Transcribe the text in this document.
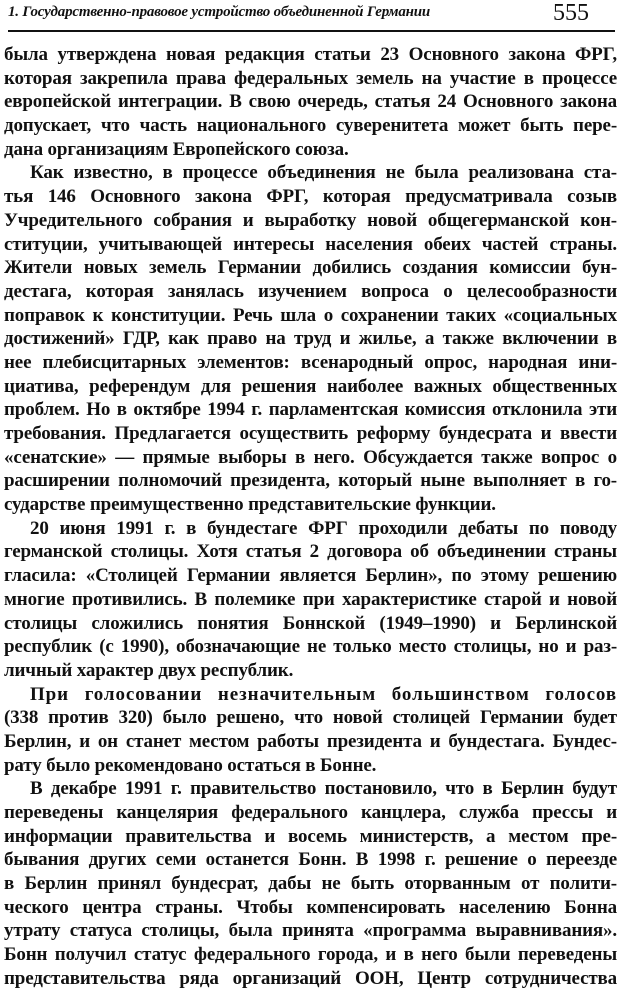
1. Государственно-правовое устройство объединенной Германии	555
была утверждена новая редакция статьи 23 Основного закона ФРГ,
которая закрепила права федеральных земель на участие в процессе
европейской интеграции. В свою очередь, статья 24 Основного закона
допускает, что часть национального суверенитета может быть пере-
дана организациям Европейского союза.
Как известно, в процессе объединения не была реализована ста-
тья 146 Основного закона ФРГ, которая предусматривала созыв
Учредительного собрания и выработку новой общегерманской кон-
ституции, учитывающей интересы населения обеих частей страны.
Жители новых земель Германии добились создания комиссии бун-
дестага, которая занялась изучением вопроса о целесообразности
поправок к конституции. Речь шла о сохранении таких «социальных
достижений» ГДР, как право на труд и жилье, а также включении в
нее плебисцитарных элементов: всенародный опрос, народная ини-
циатива, референдум для решения наиболее важных общественных
проблем. Но в октябре 1994 г. парламентская комиссия отклонила эти
требования. Предлагается осуществить реформу бундесрата и ввести
«сенатские» — прямые выборы в него. Обсуждается также вопрос о
расширении полномочий президента, который ныне выполняет в го-
сударстве преимущественно представительские функции.
20 июня 1991 г. в бундестаге ФРГ проходили дебаты по поводу
германской столицы. Хотя статья 2 договора об объединении страны
гласила: «Столицей Германии является Берлин», по этому решению
многие противились. В полемике при характеристике старой и новой
столицы сложились понятия Боннской (1949–1990) и Берлинской
республик (с 1990), обозначающие не только место столицы, но и раз-
личный характер двух республик.
При голосовании незначительным большинством голосов
(338 против 320) было решено, что новой столицей Германии будет
Берлин, и он станет местом работы президента и бундестага. Бундес-
рату было рекомендовано остаться в Бонне.
В декабре 1991 г. правительство постановило, что в Берлин будут
переведены канцелярия федерального канцлера, служба прессы и
информации правительства и восемь министерств, а местом пре-
бывания других семи останется Бонн. В 1998 г. решение о переезде
в Берлин принял бундесрат, дабы не быть оторванным от полити-
ческого центра страны. Чтобы компенсировать населению Бонна
утрату статуса столицы, была принята «программа выравнивания».
Бонн получил статус федерального города, и в него были переведены
представительства ряда организаций ООН, Центр сотрудничества
